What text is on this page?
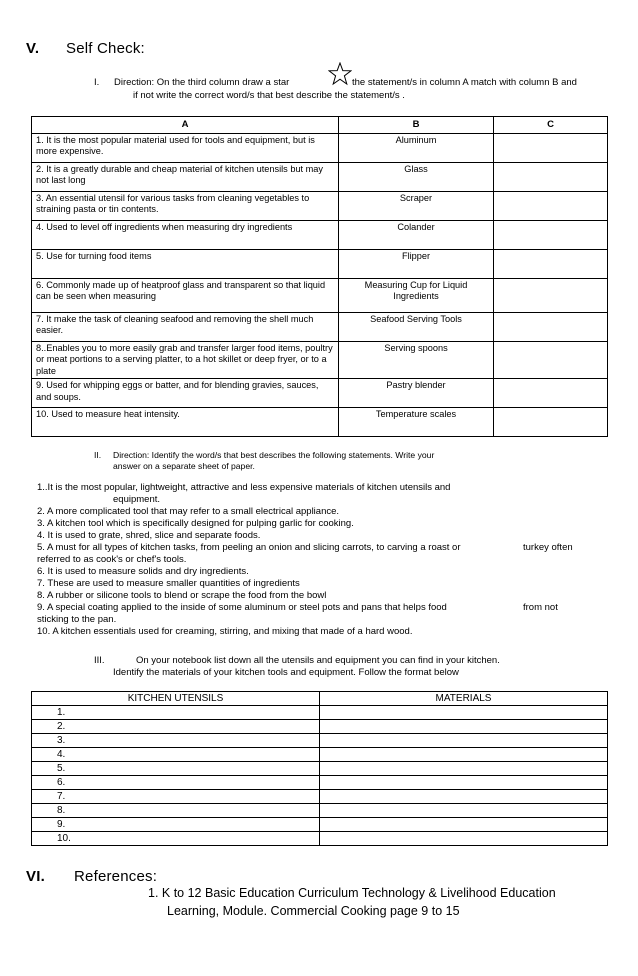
V. Self Check:
I. Direction: On the third column draw a star	the statement/s in column A match with column B and
if not write the correct word/s that best describe the statement/s .
A	B	C
1. It is the most popular material used for tools and equipment, but is more expensive.	Aluminum	
2. It is a greatly durable and cheap material of kitchen utensils but may not last long	Glass	
3. An essential utensil for various tasks from cleaning vegetables to straining pasta or tin contents.	Scraper	
4. Used to level off ingredients when measuring dry ingredients	Colander	
5. Use for turning food items	Flipper	
6. Commonly made up of heatproof glass and transparent so that liquid can be seen when measuring	Measuring Cup for Liquid Ingredients	
7. It make the task of cleaning seafood and removing the shell much easier.	Seafood Serving Tools	
8..Enables you to more easily grab and transfer larger food items, poultry or meat portions to a serving platter, to a hot skillet or deep fryer, or to a plate	Serving spoons	
9. Used for whipping eggs or batter, and for blending gravies, sauces, and soups.	Pastry blender	
10. Used to measure heat intensity.	Temperature scales	
II. Direction: Identify the word/s that best describes the following statements. Write your
answer on a separate sheet of paper.
1..It is the most popular, lightweight, attractive and less expensive materials of kitchen utensils and
equipment.
2. A more complicated tool that may refer to a small electrical appliance.
3. A kitchen tool which is specifically designed for pulping garlic for cooking.
4. It is used to grate, shred, slice and separate foods.
5. A must for all types of kitchen tasks, from peeling an onion and slicing carrots, to carving a roast or	turkey often
referred to as cook's or chef's tools.
6. It is used to measure solids and dry ingredients.
7. These are used to measure smaller quantities of ingredients
8. A rubber or silicone tools to blend or scrape the food from the bowl
9. A special coating applied to the inside of some aluminum or steel pots and pans that helps food	from not
sticking to the pan.
10. A kitchen essentials used for creaming, stirring, and mixing that made of a hard wood.
III.	On your notebook list down all the utensils and equipment you can find in your kitchen.
Identify the materials of your kitchen tools and equipment. Follow the format below
KITCHEN UTENSILS	MATERIALS
1.	
2.	
3.	
4.	
5.	
6.	
7.	
8.	
9.	
10.	
VI. References:
1. K to 12 Basic Education Curriculum Technology & Livelihood Education
Learning, Module. Commercial Cooking page 9 to 15
